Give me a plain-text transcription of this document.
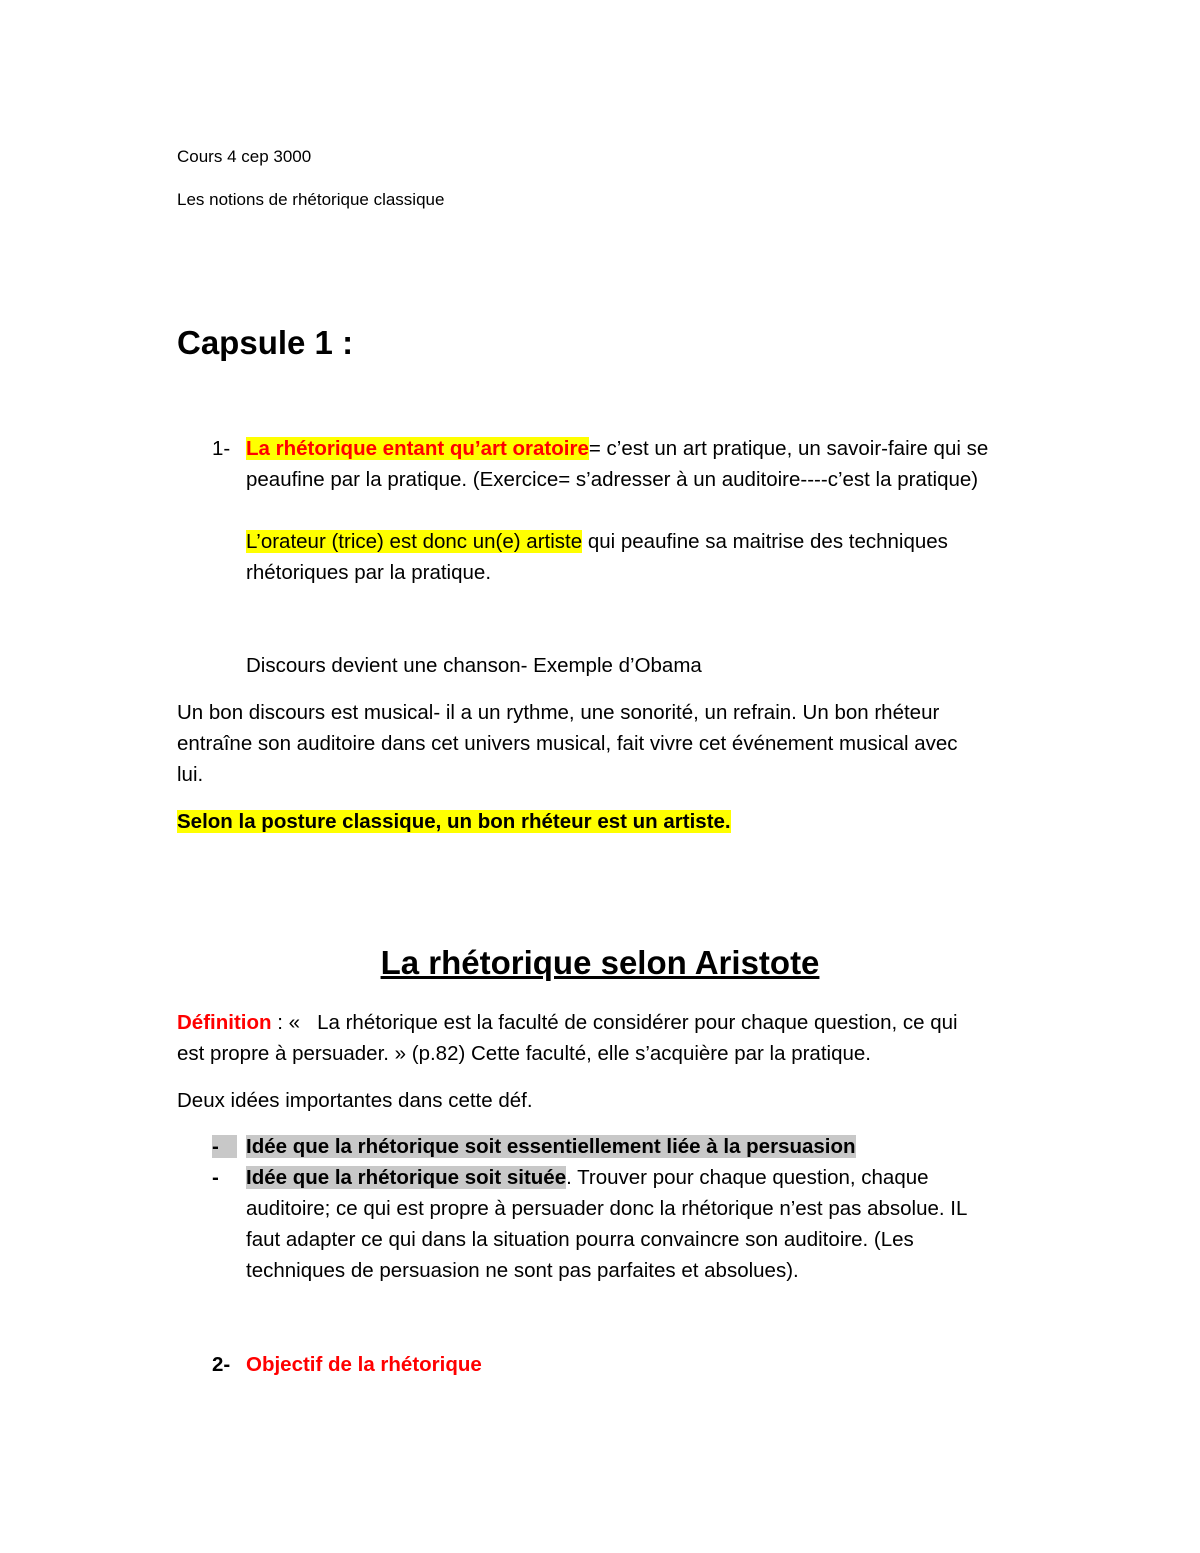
Cours 4 cep 3000
Les notions de rhétorique classique
Capsule 1 :
1- La rhétorique entant qu’art oratoire= c’est un art pratique, un savoir-faire qui se
peaufine par la pratique. (Exercice= s’adresser à un auditoire----c’est la pratique)
L’orateur (trice) est donc un(e) artiste qui peaufine sa maitrise des techniques
rhétoriques par la pratique.
Discours devient une chanson- Exemple d’Obama
Un bon discours est musical- il a un rythme, une sonorité, un refrain. Un bon rhéteur
entraîne son auditoire dans cet univers musical, fait vivre cet événement musical avec
lui.
Selon la posture classique, un bon rhéteur est un artiste.
La rhétorique selon Aristote
Définition : «   La rhétorique est la faculté de considérer pour chaque question, ce qui
est propre à persuader. » (p.82) Cette faculté, elle s’acquière par la pratique.
Deux idées importantes dans cette déf.
-	Idée que la rhétorique soit essentiellement liée à la persuasion
- Idée que la rhétorique soit située. Trouver pour chaque question, chaque
auditoire; ce qui est propre à persuader donc la rhétorique n’est pas absolue. IL
faut adapter ce qui dans la situation pourra convaincre son auditoire. (Les
techniques de persuasion ne sont pas parfaites et absolues).
2- Objectif de la rhétorique
